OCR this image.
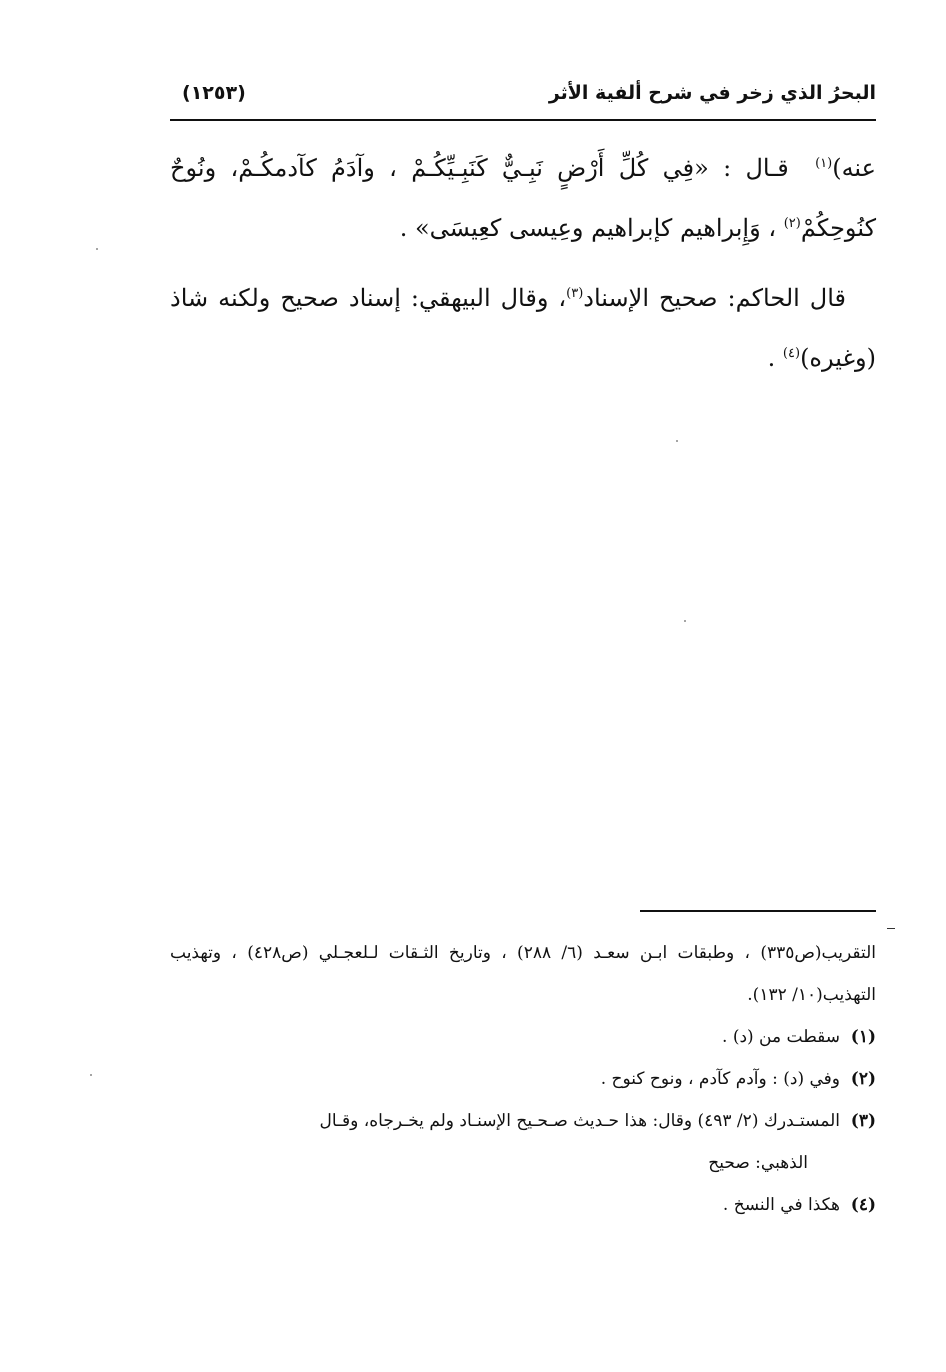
البحرُ الذي زخر في شرح ألفية الأثر
(١٢٥٣)

عنه)$^{(١)}$ قـال : «فِي كُلِّ أَرْضٍ نَبِـيٌّ كَنَبِـيِّكُـمْ ، وآدَمُ كآدمكُـمْ، ونُوحٌ كنُوحِكُمْ$^{(٢)}$ ، وَإِبراهيم كإبراهيم وعِيسى كعِيسَى» .

قال الحاكم: صحيح الإسناد$^{(٣)}$، وقال البيهقي: إسناد صحيح ولكنه شاذ (وغيره)$^{(٤)}$ .

التقريب(ص٣٣٥) ، وطبقات ابـن سعـد (٦/ ٢٨٨) ، وتاريخ الثـقات لـلعجـلي (ص٤٢٨) ، وتهذيب التهذيب(١٠/ ١٣٢).

(١)
سقطت من (د) .
(٢)
وفي (د) : وآدم كآدم ، ونوح كنوح .
(٣)
المستـدرك (٢/ ٤٩٣) وقال: هذا حـديث صـحـيح الإسنـاد ولم يخـرجاه، وقـال
الذهبي: صحيح
(٤)
هكذا في النسخ .
